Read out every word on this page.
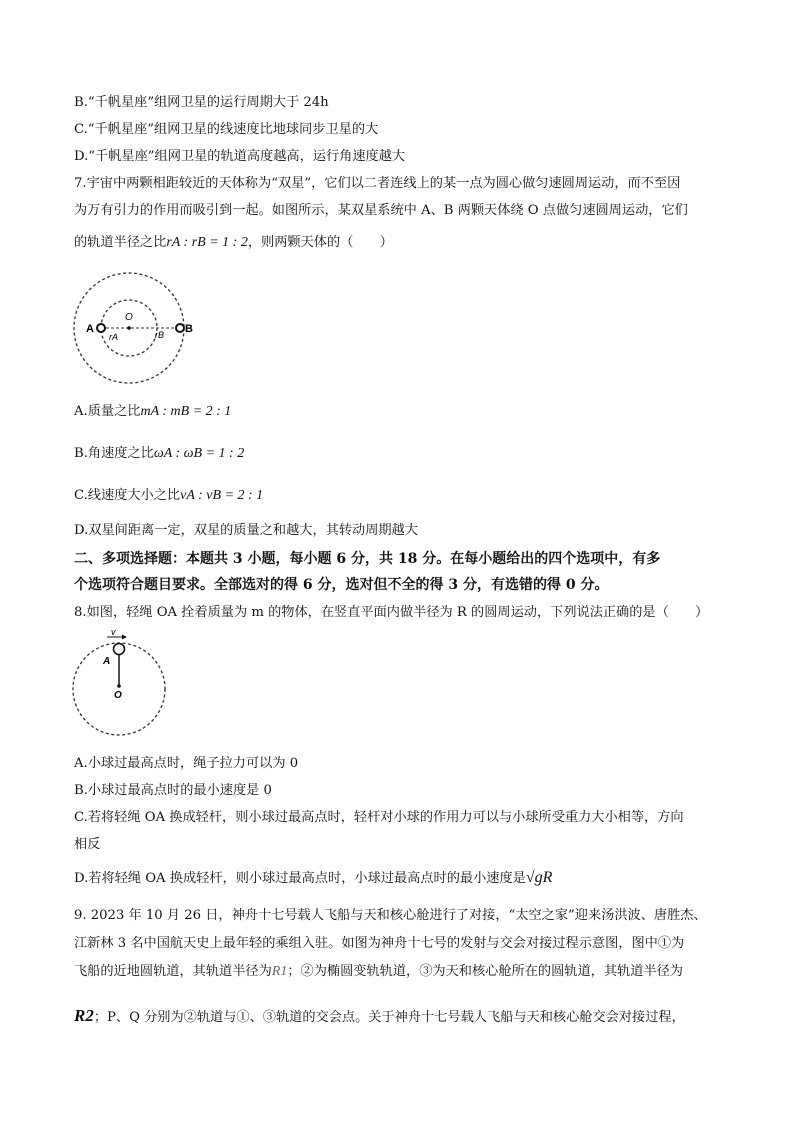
B.“千帆星座”组网卫星的运行周期大于 24h
C.“千帆星座”组网卫星的线速度比地球同步卫星的大
D.“千帆星座”组网卫星的轨道高度越高，运行角速度越大
7.宇宙中两颗相距较近的天体称为“双星”，它们以二者连线上的某一点为圆心做匀速圆周运动，而不至因
为万有引力的作用而吸引到一起。如图所示，某双星系统中 A、B 两颗天体绕 O 点做匀速圆周运动，它们
的轨道半径之比rA : rB = 1 : 2，则两颗天体的（　　）
A	B
O
rA	rB
A.质量之比mA : mB = 2 : 1
B.角速度之比ωA : ωB = 1 : 2
C.线速度大小之比vA : vB = 2 : 1
D.双星间距离一定，双星的质量之和越大，其转动周期越大
二、多项选择题：本题共 3 小题，每小题 6 分，共 18 分。在每小题给出的四个选项中，有多
个选项符合题目要求。全部选对的得 6 分，选对但不全的得 3 分，有选错的得 0 分。
8.如图，轻绳 OA 拴着质量为 m 的物体，在竖直平面内做半径为 R 的圆周运动，下列说法正确的是（　　）
v
A
O
A.小球过最高点时，绳子拉力可以为 0
B.小球过最高点时的最小速度是 0
C.若将轻绳 OA 换成轻杆，则小球过最高点时，轻杆对小球的作用力可以与小球所受重力大小相等，方向
相反
D.若将轻绳 OA 换成轻杆，则小球过最高点时，小球过最高点时的最小速度是√gR
9. 2023 年 10 月 26 日，神舟十七号载人飞船与天和核心舱进行了对接，“太空之家”迎来汤洪波、唐胜杰、
江新林 3 名中国航天史上最年轻的乘组入驻。如图为神舟十七号的发射与交会对接过程示意图，图中①为
飞船的近地圆轨道，其轨道半径为R1；②为椭圆变轨轨道，③为天和核心舱所在的圆轨道，其轨道半径为
R2；P、Q 分别为②轨道与①、③轨道的交会点。关于神舟十七号载人飞船与天和核心舱交会对接过程，
